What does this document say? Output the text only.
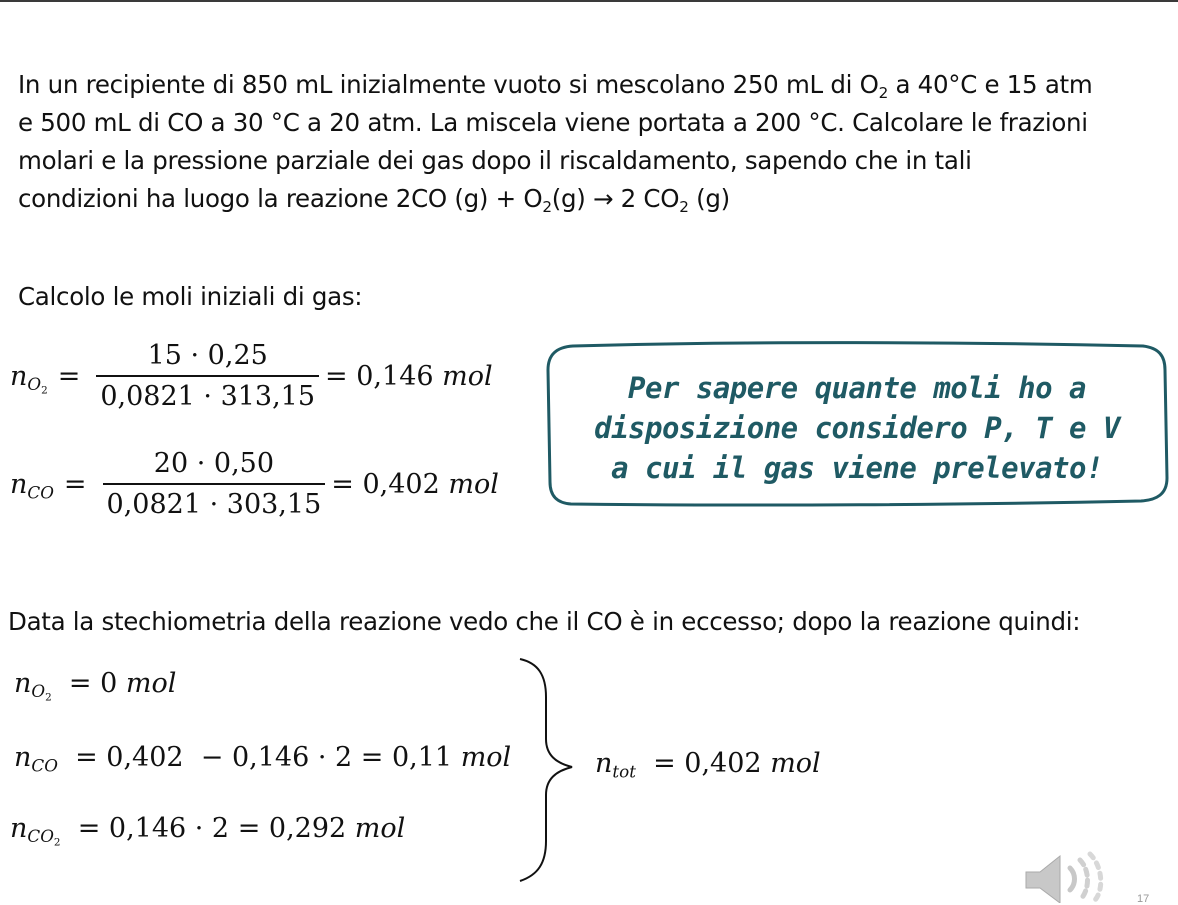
In un recipiente di 850 mL inizialmente vuoto si mescolano 250 mL di $O_2$ a 40°C e 15 atm
e 500 mL di CO a 30 °C a 20 atm. La miscela viene portata a 200 °C. Calcolare le frazioni
molari e la pressione parziale dei gas dopo il riscaldamento, sapendo che in tali
condizioni ha luogo la reazione 2CO $(g) + O_2(g) \to 2$ $CO_2$ (g)
Calcolo le moli iniziali di gas:
$n_{O_2} = \frac{15 \cdot 0,25}{0,0821 \cdot 313,15} = 0,146$
mol
$n_{CO} = \frac{20 \cdot 0,50}{0,0821 \cdot 303,15} = 0,402$
mol
Per sapere quante moli ho a
disposizione considero P, T e V
a cui il gas viene prelevato!
Data la stechiometria della reazione vedo che il CO è in eccesso; dopo la reazione quindi:
$n_{O_2}$
= 0
mol
$n_{CO}$
= 0,402  − 0,146 · 2 = 0,11
mol
$n_{CO_2}$
= 0,146 · 2 = 0,292
mol
$n_{tot}$
= 0,402
mol
17
